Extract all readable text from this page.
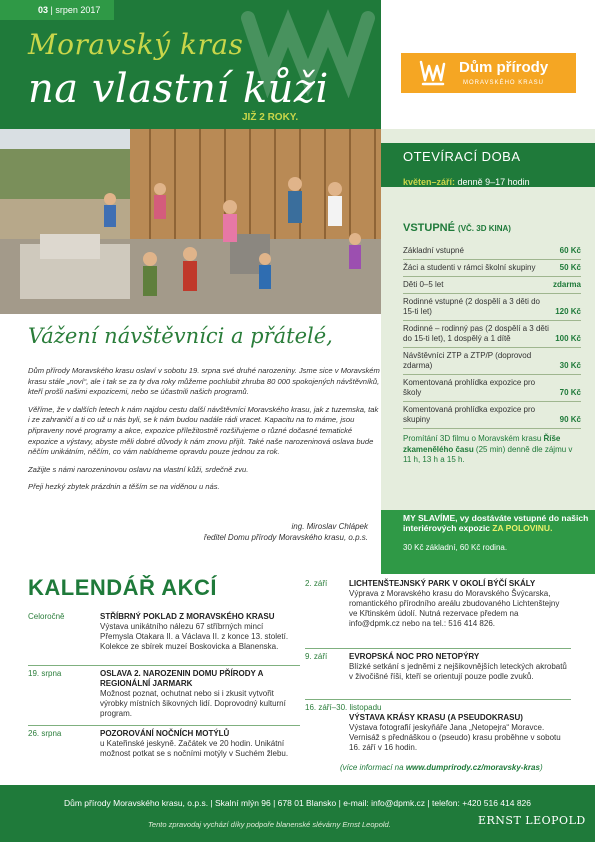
03 | srpen 2017
Moravský kras
na vlastní kůži
JIŽ 2 ROKY.
Dům přírody
MORAVSKÉHO KRASU
OTEVÍRACÍ DOBA
květen–září: denně 9–17 hodin
VSTUPNÉ (VČ. 3D KINA)
Základní vstupné	60 Kč
Žáci a studenti v rámci školní skupiny	50 Kč
Děti 0–5 let	zdarma
Rodinné vstupné (2 dospělí a 3 děti do 15-ti let)	120 Kč
Rodinné – rodinný pas (2 dospělí a 3 děti do 15-ti let), 1 dospělý a 1 dítě	100 Kč
Návštěvníci ZTP a ZTP/P (doprovod zdarma)	30 Kč
Komentovaná prohlídka expozice pro školy	70 Kč
Komentovaná prohlídka expozice pro skupiny	90 Kč
Promítání 3D filmu o Moravském krasu Říše zkamenělého času (25 min) denně dle zájmu v 11 h, 13 h a 15 h.
MY SLAVÍME, vy dostáváte vstupné do našich interiérových expozic ZA POLOVINU.
30 Kč základní, 60 Kč rodina.
Vážení návštěvníci a přátelé,

Dům přírody Moravského krasu oslaví v sobotu 19. srpna své druhé narozeniny. Jsme sice v Moravském krasu stále „noví“, ale i tak se za ty dva roky můžeme pochlubit zhruba 80 000 spokojených návštěvníků, kteří prošli našimi expozicemi, nebo se účastnili našich programů.

Věříme, že v dalších letech k nám najdou cestu další návštěvníci Moravského krasu, jak z tuzemska, tak i ze zahraničí a ti co už u nás byli, se k nám budou nadále rádi vracet. Kapacitu na to máme, jsou připraveny nové programy a akce, expozice příležitostně rozšiřujeme o různé dočasné tematické expozice a výstavy, abyste měli dobré důvody k nám znovu přijít. Také naše narozeninová oslava bude něčím unikátním, něčím, co vám nabídneme opravdu pouze jednou za rok.

Zažijte s námi narozeninovou oslavu na vlastní kůži, srdečně zvu.

Přeji hezký zbytek prázdnin a těším se na viděnou u nás.

ing. Miroslav Chlápek
ředitel Domu přírody Moravského krasu, o.p.s.
KALENDÁŘ AKCÍ
Celoročně	STŘÍBRNÝ POKLAD Z MORAVSKÉHO KRASU
Výstava unikátního nálezu 67 stříbrných mincí Přemysla Otakara II. a Václava II. z konce 13. století. Kolekce ze sbírek muzeí Boskovicka a Blanenska.
19. srpna	OSLAVA 2. NAROZENIN DOMU PŘÍRODY A REGIONÁLNÍ JARMARK
Možnost poznat, ochutnat nebo si i zkusit vytvořit výrobky místních šikovných lidí. Doprovodný kulturní program.
26. srpna	POZOROVÁNÍ NOČNÍCH MOTÝLŮ
u Kateřinské jeskyně. Začátek ve 20 hodin. Unikátní možnost potkat se s nočními motýly v Suchém žlebu.
2. září	LICHTENŠTEJNSKÝ PARK V OKOLÍ BÝČÍ SKÁLY
Výprava z Moravského krasu do Moravského Švýcarska, romantického přírodního areálu zbudovaného Lichtenštejny ve Křtinském údolí. Nutná rezervace předem na info@dpmk.cz nebo na tel.: 516 414 826.
9. září	EVROPSKÁ NOC PRO NETOPÝRY
Blízké setkání s jedněmi z nejšikovnějších leteckých akrobatů v živočišné říši, kteří se orientují pouze podle zvuků.
16. září–30. listopadu
VÝSTAVA KRÁSY KRASU (A PSEUDOKRASU)
Výstava fotografií jeskyňáře Jana „Netopejra“ Moravce. Vernisáž s přednáškou o (pseudo) krasu proběhne v sobotu 16. září v 16 hodin.
(více informací na www.dumprirody.cz/moravsky-kras)
Dům přírody Moravského krasu, o.p.s. | Skalní mlýn 96 | 678 01 Blansko | e-mail: info@dpmk.cz | telefon: +420 516 414 826
Tento zpravodaj vychází díky podpoře blanenské slévárny Ernst Leopold.	ERNST LEOPOLD
